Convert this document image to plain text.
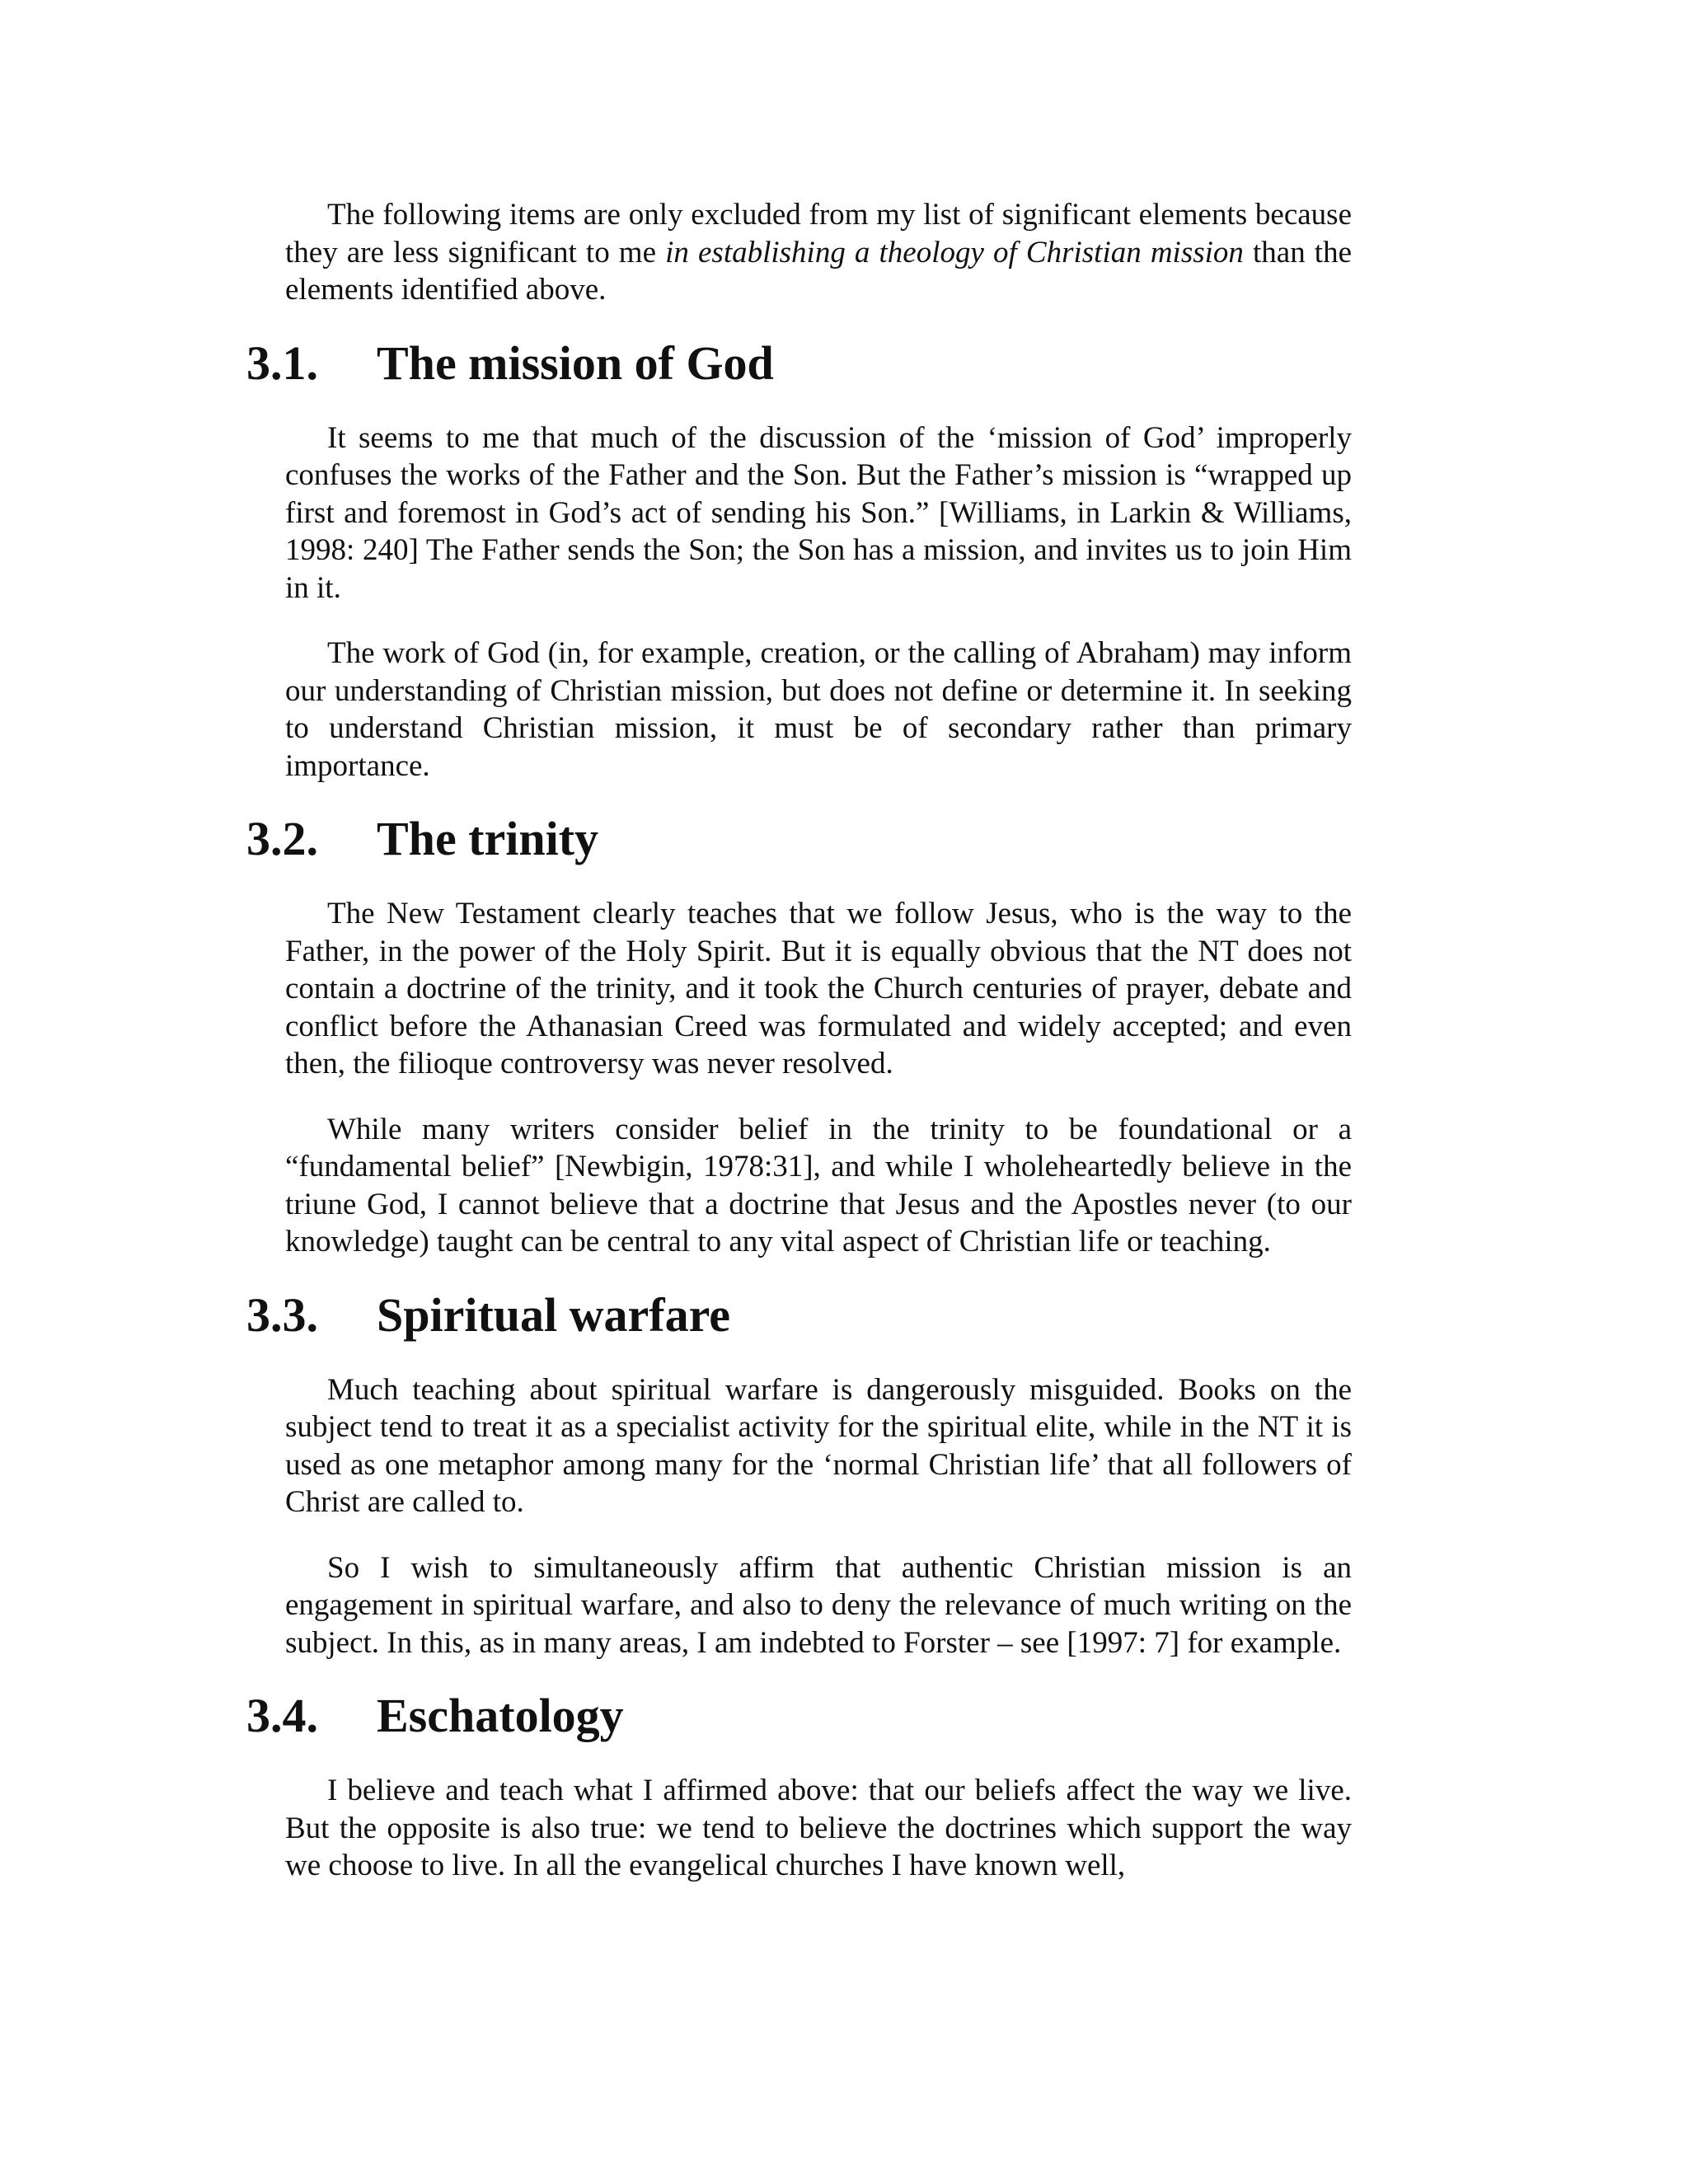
The following items are only excluded from my list of significant elements because they are less significant to me in establishing a theology of Christian mission than the elements identified above.

3.1. The mission of God

It seems to me that much of the discussion of the ‘mission of God’ improperly confuses the works of the Father and the Son. But the Father’s mission is “wrapped up first and foremost in God’s act of sending his Son.” [Williams, in Larkin & Williams, 1998: 240] The Father sends the Son; the Son has a mission, and invites us to join Him in it.

The work of God (in, for example, creation, or the calling of Abraham) may inform our understanding of Christian mission, but does not define or determine it. In seeking to understand Christian mission, it must be of secondary rather than primary importance.

3.2. The trinity

The New Testament clearly teaches that we follow Jesus, who is the way to the Father, in the power of the Holy Spirit. But it is equally obvious that the NT does not contain a doctrine of the trinity, and it took the Church centuries of prayer, debate and conflict before the Athanasian Creed was formulated and widely accepted; and even then, the filioque controversy was never resolved.

While many writers consider belief in the trinity to be foundational or a “fundamental belief” [Newbigin, 1978:31], and while I wholeheartedly believe in the triune God, I cannot believe that a doctrine that Jesus and the Apostles never (to our knowledge) taught can be central to any vital aspect of Christian life or teaching.

3.3. Spiritual warfare

Much teaching about spiritual warfare is dangerously misguided. Books on the subject tend to treat it as a specialist activity for the spiritual elite, while in the NT it is used as one metaphor among many for the ‘normal Christian life’ that all followers of Christ are called to.

So I wish to simultaneously affirm that authentic Christian mission is an engagement in spiritual warfare, and also to deny the relevance of much writing on the subject. In this, as in many areas, I am indebted to Forster – see [1997: 7] for example.

3.4. Eschatology

I believe and teach what I affirmed above: that our beliefs affect the way we live. But the opposite is also true: we tend to believe the doctrines which support the way we choose to live. In all the evangelical churches I have known well,
